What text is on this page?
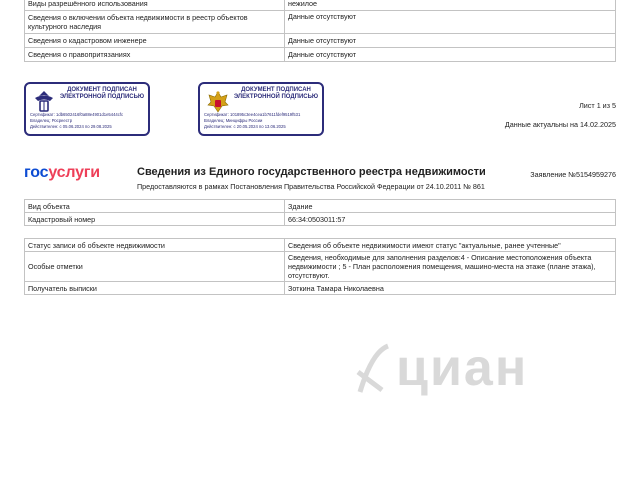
Виды разрешённого использования	нежилое
Сведения о включении объекта недвижимости в реестр объектов культурного наследия	Данные отсутствуют
Сведения о кадастровом инженере	Данные отсутствуют
Сведения о правопритязаниях	Данные отсутствуют
ДОКУМЕНТ ПОДПИСАН ЭЛЕКТРОННОЙ ПОДПИСЬЮ
Сертификат: 1db6502416f0a88e4901d1e5444cfc
Владелец: Росреестр
Действителен: с 05.06.2024 по 29.08.2025
ДОКУМЕНТ ПОДПИСАН ЭЛЕКТРОННОЙ ПОДПИСЬЮ
Сертификат: 101895c3ee4cea1b7611fdef9519f531
Владелец: Минцифры России
Действителен: с 20.05.2024 по 13.06.2025
Лист 1 из 5
Данные актуальны на 14.02.2025
госуслуги	Сведения из Единого государственного реестра недвижимости
Предоставляются в рамках Постановления Правительства Российской Федерации от 24.10.2011 № 861
Заявление №5154959276
Вид объекта	Здание
Кадастровый номер	66:34:0503011:57
Статус записи об объекте недвижимости	Сведения об объекте недвижимости имеют статус "актуальные, ранее учтенные"
Особые отметки	Сведения, необходимые для заполнения разделов:4 - Описание местоположения объекта недвижимости ; 5 - План расположения помещения, машино-места на этаже (плане этажа), отсутствуют.
Получатель выписки	Зоткина Тамара Николаевна
циан
